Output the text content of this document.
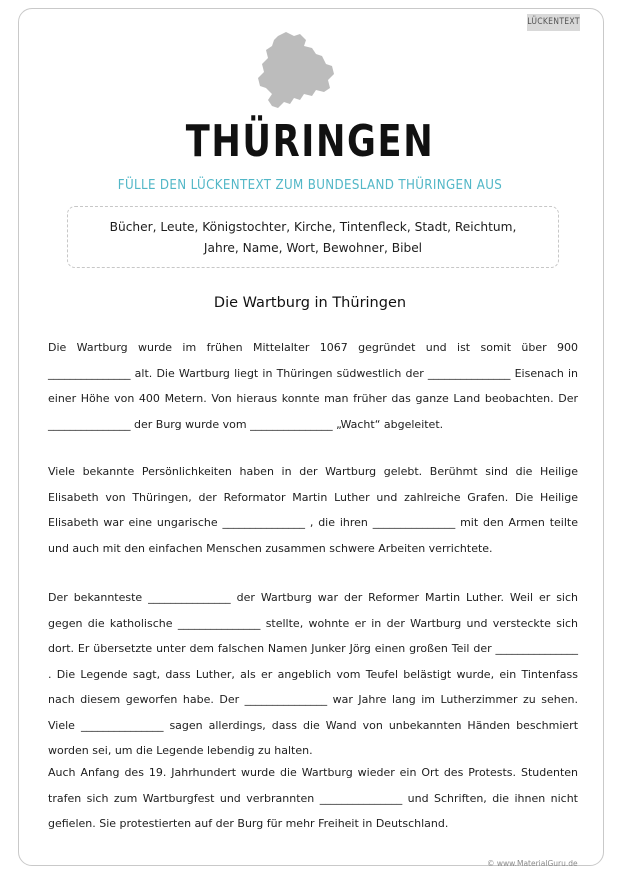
LÜCKENTEXT
THÜRINGEN
FÜLLE DEN LÜCKENTEXT ZUM BUNDESLAND THÜRINGEN AUS
Bücher, Leute, Königstochter, Kirche, Tintenfleck, Stadt, Reichtum,
Jahre, Name, Wort, Bewohner, Bibel
Die Wartburg in Thüringen
Die Wartburg wurde im frühen Mittelalter 1067 gegründet und ist somit über 900 _______________ alt. Die Wartburg liegt in Thüringen südwestlich der _______________ Eisenach in einer Höhe von 400 Metern. Von hieraus konnte man früher das ganze Land beobachten. Der _______________ der Burg wurde vom _______________ „Wacht“ abgeleitet.
Viele bekannte Persönlichkeiten haben in der Wartburg gelebt. Berühmt sind die Heilige Elisabeth von Thüringen, der Reformator Martin Luther und zahlreiche Grafen. Die Heilige Elisabeth war eine ungarische _______________ , die ihren _______________ mit den Armen teilte und auch mit den einfachen Menschen zusammen schwere Arbeiten verrichtete.
Der bekannteste _______________ der Wartburg war der Reformer Martin Luther. Weil er sich gegen die katholische _______________ stellte, wohnte er in der Wartburg und versteckte sich dort. Er übersetzte unter dem falschen Namen Junker Jörg einen großen Teil der _______________ . Die Legende sagt, dass Luther, als er angeblich vom Teufel belästigt wurde, ein Tintenfass nach diesem geworfen habe. Der _______________ war Jahre lang im Lutherzimmer zu sehen. Viele _______________ sagen allerdings, dass die Wand von unbekannten Händen beschmiert worden sei, um die Legende lebendig zu halten.
Auch Anfang des 19. Jahrhundert wurde die Wartburg wieder ein Ort des Protests. Studenten trafen sich zum Wartburgfest und verbrannten _______________ und Schriften, die ihnen nicht gefielen. Sie protestierten auf der Burg für mehr Freiheit in Deutschland.
© www.MaterialGuru.de
